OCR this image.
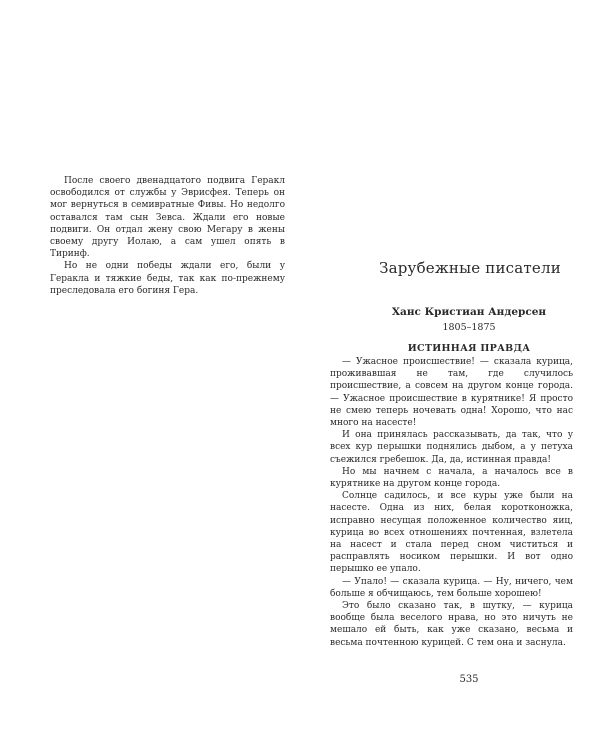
После своего двенадцатого подвига Геракл освободился от службы у Эврисфея. Теперь он мог вернуться в семивратные Фивы. Но недолго оставался там сын Зевса. Ждали его новые подвиги. Он отдал жену свою Мегару в жены своему другу Иолаю, а сам ушел опять в Тиринф.

Но не одни победы ждали его, были у Геракла и тяжкие беды, так как по-прежнему преследовала его богиня Гера.

Зарубежные писатели
Ханс Кристиан Андерсен
1805–1875
ИСТИННАЯ ПРАВДА

— Ужасное происшествие! — сказала курица, проживавшая не там, где случилось происшествие, а совсем на другом конце города. — Ужасное происшествие в курятнике! Я просто не смею теперь ночевать одна! Хорошо, что нас много на насесте!

И она принялась рассказывать, да так, что у всех кур перышки поднялись дыбом, а у петуха съежился гребешок. Да, да, истинная правда!

Но мы начнем с начала, а началось все в курятнике на другом конце города.

Солнце садилось, и все куры уже были на насесте. Одна из них, белая коротконожка, исправно несущая положенное количество яиц, курица во всех отношениях почтенная, взлетела на насест и стала перед сном чиститься и расправлять носиком перышки. И вот одно перышко ее упало.

— Упало! — сказала курица. — Ну, ничего, чем больше я обчищаюсь, тем больше хорошею!

Это было сказано так, в шутку, — курица вообще была веселого нрава, но это ничуть не мешало ей быть, как уже сказано, весьма и весьма почтенною курицей. С тем она и заснула.

535
